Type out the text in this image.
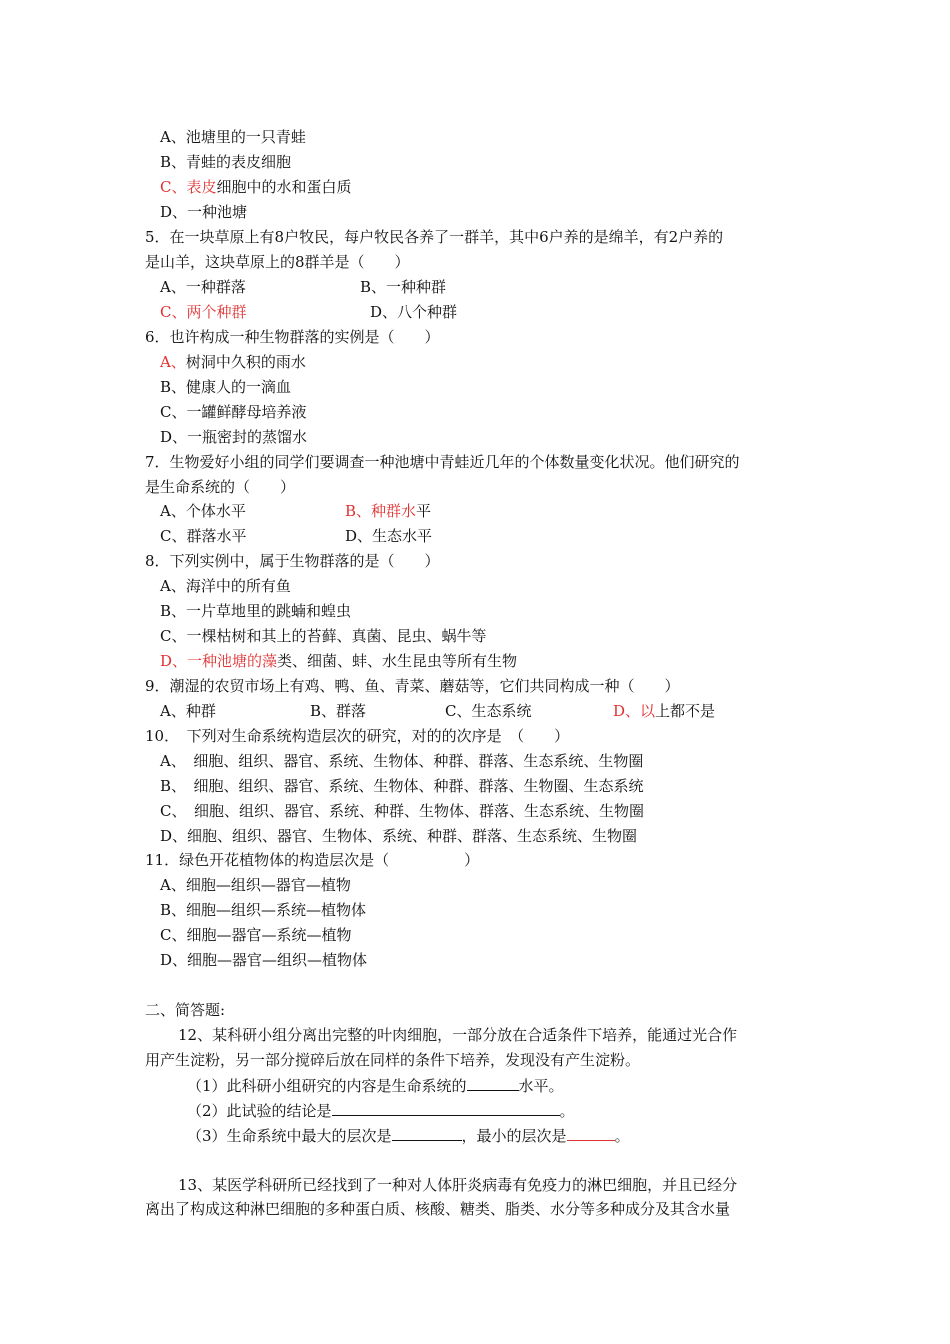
A、池塘里的一只青蛙
B、青蛙的表皮细胞
C、表皮细胞中的水和蛋白质
D、一种池塘
5．在一块草原上有8户牧民，每户牧民各养了一群羊，其中6户养的是绵羊，有2户养的
是山羊，这块草原上的8群羊是（　　）
A、一种群落	B、一种种群
C、两个种群	D、八个种群
6．也许构成一种生物群落的实例是（　　）
A、树洞中久积的雨水
B、健康人的一滴血
C、一罐鲜酵母培养液
D、一瓶密封的蒸馏水
7．生物爱好小组的同学们要调查一种池塘中青蛙近几年的个体数量变化状况。他们研究的
是生命系统的（　　）
A、个体水平	B、种群水平
C、群落水平	D、生态水平
8．下列实例中，属于生物群落的是（　　）
A、海洋中的所有鱼
B、一片草地里的跳蝻和蝗虫
C、一棵枯树和其上的苔藓、真菌、昆虫、蜗牛等
D、一种池塘的藻类、细菌、蚌、水生昆虫等所有生物
9．潮湿的农贸市场上有鸡、鸭、鱼、青菜、蘑菇等，它们共同构成一种（　　）
A、种群	B、群落	C、生态系统	D、以上都不是
10．　下列对生命系统构造层次的研究，对的的次序是　（　　）
A、　细胞、组织、器官、系统、生物体、种群、群落、生态系统、生物圈
B、　细胞、组织、器官、系统、生物体、种群、群落、生物圈、生态系统
C、　细胞、组织、器官、系统、种群、生物体、群落、生态系统、生物圈
D、细胞、组织、器官、生物体、系统、种群、群落、生态系统、生物圈
11．绿色开花植物体的构造层次是（　　　　　）
A、细胞—组织—器官—植物
B、细胞—组织—系统—植物体
C、细胞—器官—系统—植物
D、细胞—器官—组织—植物体
二、简答题:
12、某科研小组分离出完整的叶肉细胞，一部分放在合适条件下培养，能通过光合作
用产生淀粉，另一部分搅碎后放在同样的条件下培养，发现没有产生淀粉。
（1）此科研小组研究的内容是生命系统的	水平。
（2）此试验的结论是	。
（3）生命系统中最大的层次是	，最小的层次是	。
13、某医学科研所已经找到了一种对人体肝炎病毒有免疫力的淋巴细胞，并且已经分
离出了构成这种淋巴细胞的多种蛋白质、核酸、糖类、脂类、水分等多种成分及其含水量
